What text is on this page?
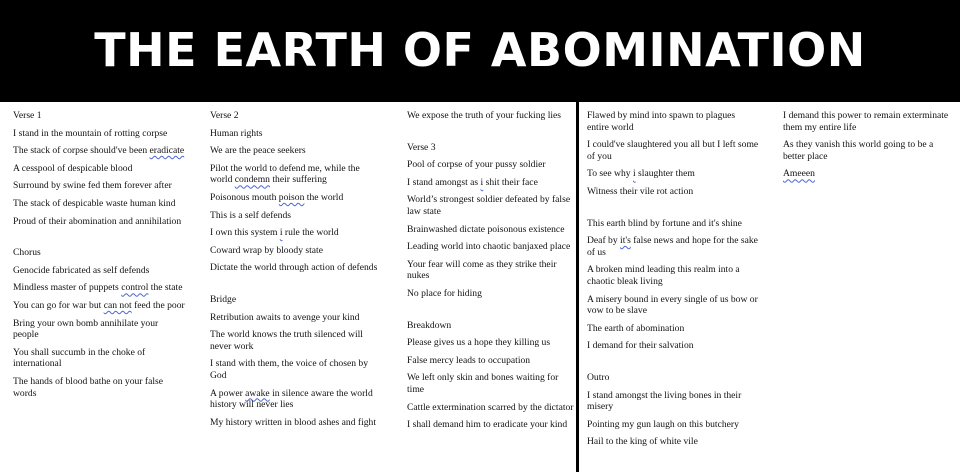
THE EARTH OF ABOMINATION
Verse 1
I stand in the mountain of rotting corpse
The stack of corpse should've been eradicate
A cesspool of despicable blood
Surround by swine fed them forever after
The stack of despicable waste human kind
Proud of their abomination and annihilation
Chorus
Genocide fabricated as self defends
Mindless master of puppets control the state
You can go for war but can not feed the poor
Bring your own bomb annihilate your people
You shall succumb in the choke of international
The hands of blood bathe on your false words
Verse 2
Human rights
We are the peace seekers
Pilot the world to defend me, while the world condemn their suffering
Poisonous mouth poison the world
This is a self defends
I own this system i rule the world
Coward wrap by bloody state
Dictate the world through action of defends
Bridge
Retribution awaits to avenge your kind
The world knows the truth silenced will never work
I stand with them, the voice of chosen by God
A power awake in silence aware the world history will never lies
My history written in blood ashes and fight
We expose the truth of your fucking lies
Verse 3
Pool of corpse of your pussy soldier
I stand amongst as i shit their face
World’s strongest soldier defeated by false law state
Brainwashed dictate poisonous existence
Leading world into chaotic banjaxed place
Your fear will come as they strike their nukes
No place for hiding
Breakdown
Please gives us a hope they killing us
False mercy leads to occupation
We left only skin and bones waiting for time
Cattle extermination scarred by the dictator
I shall demand him to eradicate your kind
Flawed by mind into spawn to plagues entire world
I could've slaughtered you all but I left some of you
To see why i slaughter them
Witness their vile rot action
This earth blind by fortune and it's shine
Deaf by it's false news and hope for the sake of us
A broken mind leading this realm into a chaotic bleak living
A misery bound in every single of us bow or vow to be slave
The earth of abomination
I demand for their salvation
Outro
I stand amongst the living bones in their misery
Pointing my gun laugh on this butchery
Hail to the king of white vile
I demand this power to remain exterminate them my entire life
As they vanish this world going to be a better place
Ameeen
